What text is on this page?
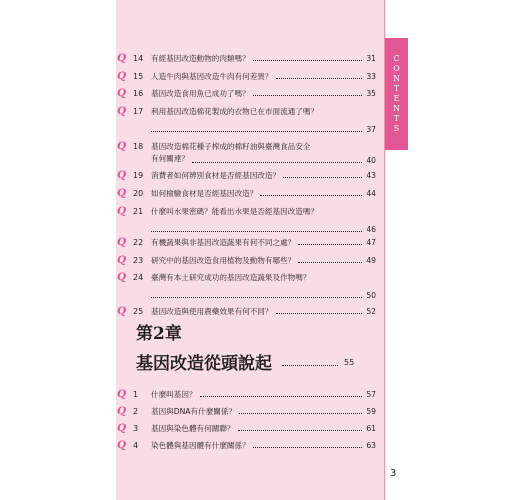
CONTENTS
Q 14 有經基因改造動物的肉類嗎？	31
Q 15 人造牛肉與基因改造牛肉有何差異？	33
Q 16 基因改造食用魚已成功了嗎？	35
Q 17 利用基因改造棉花製成的衣物已在市面流通了嗎？
37
Q 18 基因改造棉花種子榨成的棉籽油與臺灣食品安全
有何關連？	40
Q 19 消費者如何辨別食材是否經基因改造？	43
Q 20 如何檢驗食材是否經基因改造？	44
Q 21 什麼叫水果密碼？能看出水果是否經基因改造嗎？
46
Q 22 有機蔬果與非基因改造蔬果有何不同之處？	47
Q 23 研究中的基因改造食用植物及動物有哪些？	49
Q 24 臺灣有本土研究成功的基因改造蔬果及作物嗎？
50
Q 25 基因改造與使用農藥效果有何不同？	52
第2章
基因改造從頭說起	55
Q 1 什麼叫基因？	57
Q 2 基因與DNA有什麼關係？	59
Q 3 基因與染色體有何關聯？	61
Q 4 染色體與基因體有什麼關係？	63
3
